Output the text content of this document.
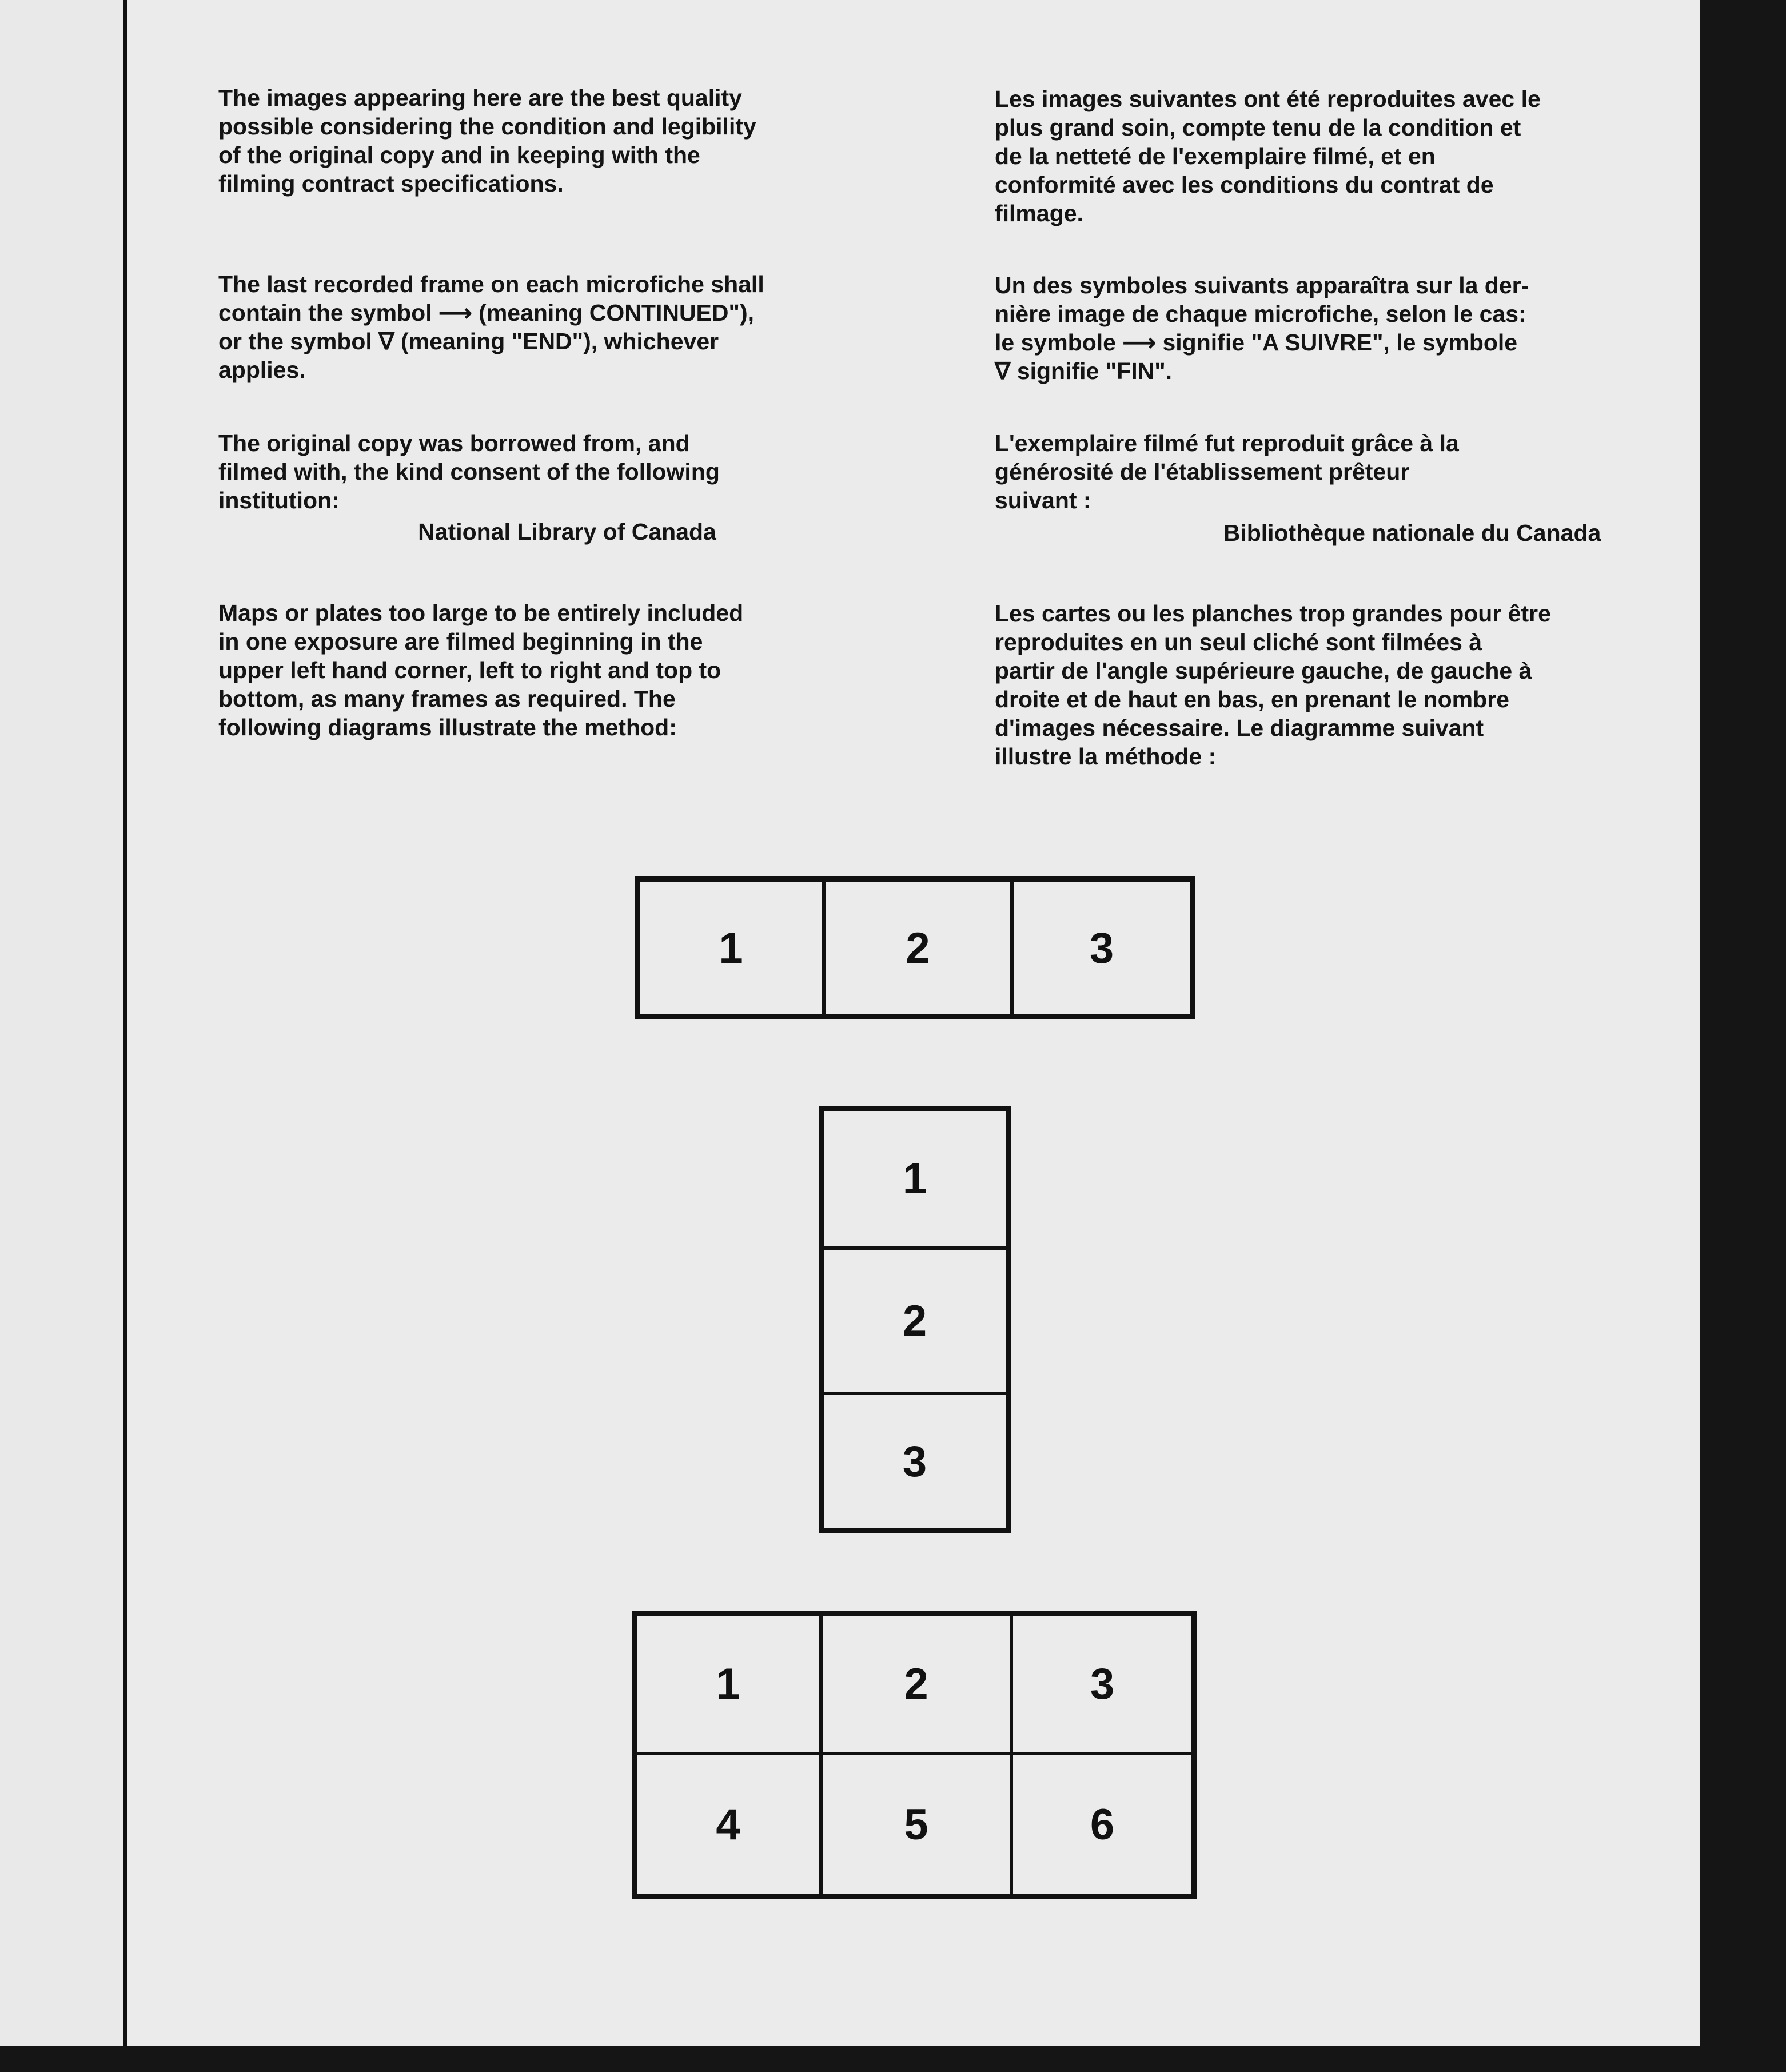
The images appearing here are the best quality
possible considering the condition and legibility
of the original copy and in keeping with the
filming contract specifications.
The last recorded frame on each microfiche shall
contain the symbol ⟶ (meaning CONTINUED"),
or the symbol ∇ (meaning "END"), whichever
applies.
The original copy was borrowed from, and
filmed with, the kind consent of the following
institution:
National Library of Canada
Maps or plates too large to be entirely included
in one exposure are filmed beginning in the
upper left hand corner, left to right and top to
bottom, as many frames as required. The
following diagrams illustrate the method:
Les images suivantes ont été reproduites avec le
plus grand soin, compte tenu de la condition et
de la netteté de l'exemplaire filmé, et en
conformité avec les conditions du contrat de
filmage.
Un des symboles suivants apparaîtra sur la der-
nière image de chaque microfiche, selon le cas:
le symbole ⟶ signifie "A SUIVRE", le symbole
∇ signifie "FIN".
L'exemplaire filmé fut reproduit grâce à la
générosité de l'établissement prêteur
suivant :
Bibliothèque nationale du Canada
Les cartes ou les planches trop grandes pour être
reproduites en un seul cliché sont filmées à
partir de l'angle supérieure gauche, de gauche à
droite et de haut en bas, en prenant le nombre
d'images nécessaire. Le diagramme suivant
illustre la méthode :
1	2	3
1
2
3
1	2	3
4	5	6
